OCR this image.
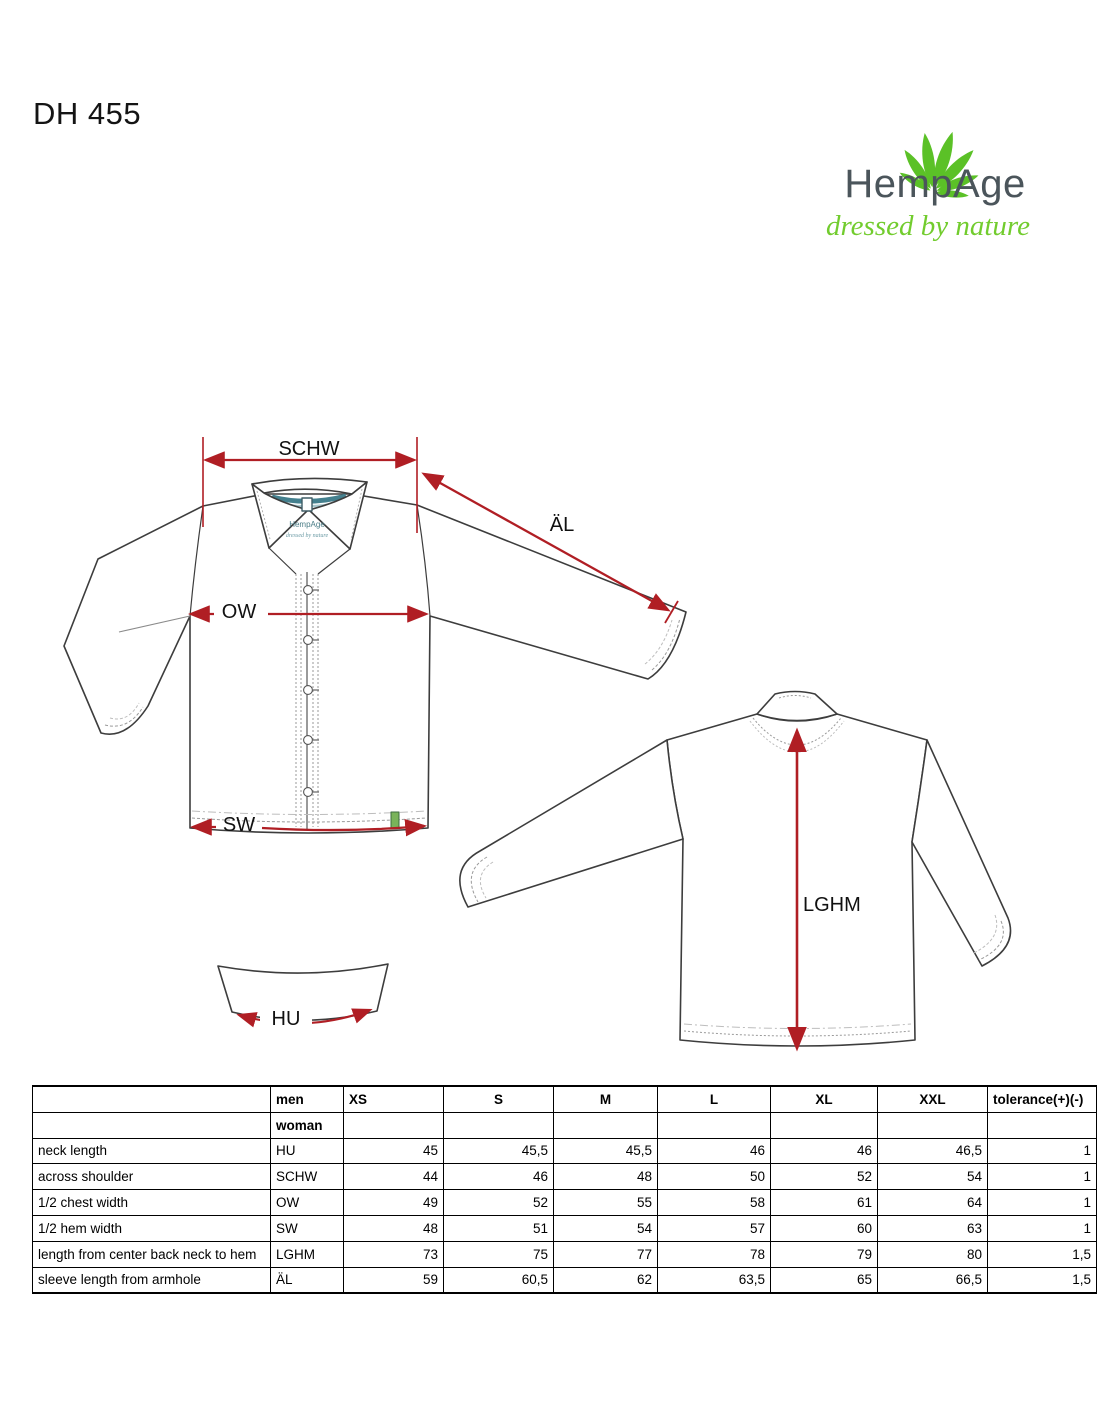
DH 455
HempAge
dressed by nature
HempAge
dressed by nature
SCHW
ÄL
OW
SW
HU
LGHM
	men	XS	S	M	L	XL	XXL	tolerance(+)(-)
	woman							
neck length	HU	45	45,5	45,5	46	46	46,5	1
across shoulder	SCHW	44	46	48	50	52	54	1
1/2 chest width	OW	49	52	55	58	61	64	1
1/2 hem width	SW	48	51	54	57	60	63	1
length from center back neck to hem	LGHM	73	75	77	78	79	80	1,5
sleeve length from armhole	ÄL	59	60,5	62	63,5	65	66,5	1,5
